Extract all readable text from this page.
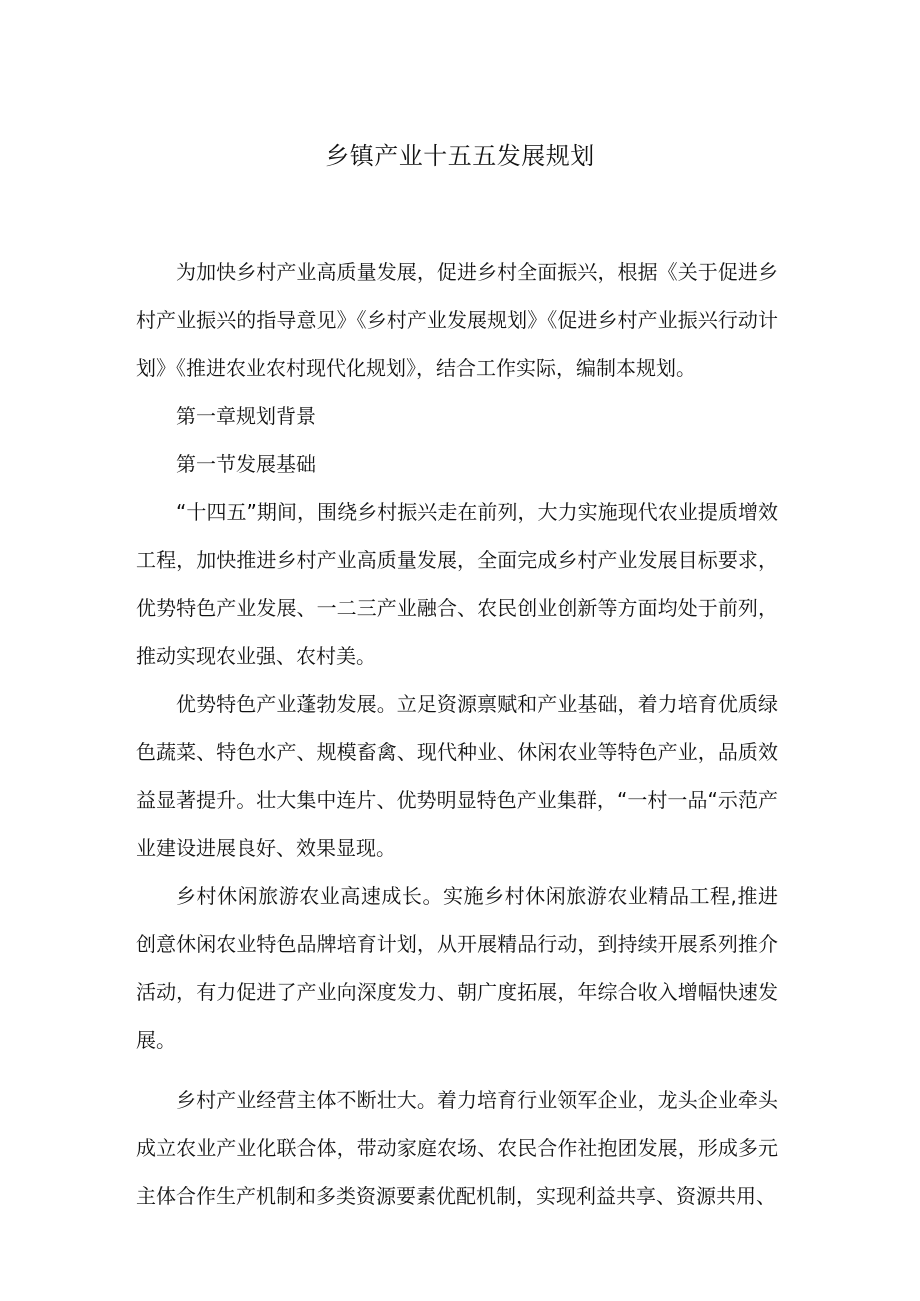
乡镇产业十五五发展规划

为加快乡村产业高质量发展，促进乡村全面振兴，根据《关于促进乡村产业振兴的指导意见》《乡村产业发展规划》《促进乡村产业振兴行动计划》《推进农业农村现代化规划》，结合工作实际，编制本规划。

第一章规划背景

第一节发展基础

“十四五”期间，围绕乡村振兴走在前列，大力实施现代农业提质增效工程，加快推进乡村产业高质量发展，全面完成乡村产业发展目标要求，优势特色产业发展、一二三产业融合、农民创业创新等方面均处于前列，推动实现农业强、农村美。

优势特色产业蓬勃发展。立足资源禀赋和产业基础，着力培育优质绿色蔬菜、特色水产、规模畜禽、现代种业、休闲农业等特色产业，品质效益显著提升。壮大集中连片、优势明显特色产业集群，“一村一品“示范产业建设进展良好、效果显现。

乡村休闲旅游农业高速成长。实施乡村休闲旅游农业精品工程,推进创意休闲农业特色品牌培育计划，从开展精品行动，到持续开展系列推介活动，有力促进了产业向深度发力、朝广度拓展，年综合收入增幅快速发展。

乡村产业经营主体不断壮大。着力培育行业领军企业，龙头企业牵头成立农业产业化联合体，带动家庭农场、农民合作社抱团发展，形成多元主体合作生产机制和多类资源要素优配机制，实现利益共享、资源共用、
